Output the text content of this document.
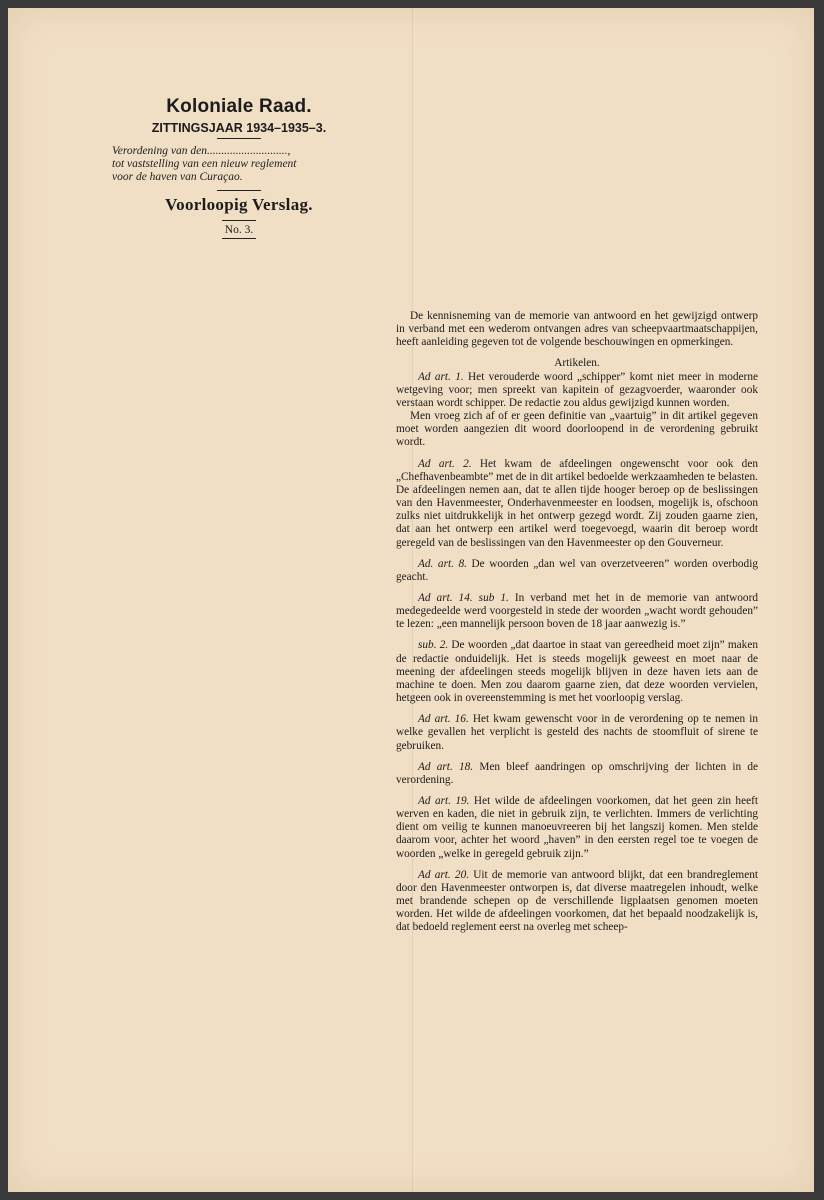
Koloniale Raad.
ZITTINGSJAAR 1934–1935–3.
Verordening van den............................,
tot vaststelling van een nieuw reglement
voor de haven van Curaçao.
Voorloopig Verslag.
No. 3.

De kennisneming van de memorie van antwoord en het gewijzigd ontwerp in verband met een wederom ontvangen adres van scheepvaartmaatschappijen, heeft aanleiding gegeven tot de volgende beschouwingen en opmerkingen.

Artikelen.

Ad art. 1. Het verouderde woord „schipper” komt niet meer in moderne wetgeving voor; men spreekt van kapitein of gezagvoerder, waaronder ook verstaan wordt schipper. De redactie zou aldus gewijzigd kunnen worden.

Men vroeg zich af of er geen definitie van „vaartuig” in dit artikel gegeven moet worden aangezien dit woord doorloopend in de verordening gebruikt wordt.

Ad art. 2. Het kwam de afdeelingen ongewenscht voor ook den „Chefhavenbeambte” met de in dit artikel bedoelde werkzaamheden te belasten.

De afdeelingen nemen aan, dat te allen tijde hooger beroep op de beslissingen van den Havenmeester, Onderhavenmeester en loodsen, mogelijk is, ofschoon zulks niet uitdrukkelijk in het ontwerp gezegd wordt. Zij zouden gaarne zien, dat aan het ontwerp een artikel werd toegevoegd, waarin dit beroep wordt geregeld van de beslissingen van den Havenmeester op den Gouverneur.

Ad. art. 8. De woorden „dan wel van overzetveeren” worden overbodig geacht.

Ad art. 14. sub 1. In verband met het in de memorie van antwoord medegedeelde werd voorgesteld in stede der woorden „wacht wordt gehouden” te lezen: „een mannelijk persoon boven de 18 jaar aanwezig is.”

sub. 2. De woorden „dat daartoe in staat van gereedheid moet zijn” maken de redactie onduidelijk. Het is steeds mogelijk geweest en moet naar de meening der afdeelingen steeds mogelijk blijven in deze haven iets aan de machine te doen. Men zou daarom gaarne zien, dat deze woorden vervielen, hetgeen ook in overeenstemming is met het voorloopig verslag.

Ad art. 16. Het kwam gewenscht voor in de verordening op te nemen in welke gevallen het verplicht is gesteld des nachts de stoomfluit of sirene te gebruiken.

Ad art. 18. Men bleef aandringen op omschrijving der lichten in de verordening.

Ad art. 19. Het wilde de afdeelingen voorkomen, dat het geen zin heeft werven en kaden, die niet in gebruik zijn, te verlichten. Immers de verlichting dient om veilig te kunnen manoeuvreeren bij het langszij komen. Men stelde daarom voor, achter het woord „haven” in den eersten regel toe te voegen de woorden „welke in geregeld gebruik zijn.”

Ad art. 20. Uit de memorie van antwoord blijkt, dat een brandreglement door den Havenmeester ontworpen is, dat diverse maatregelen inhoudt, welke met brandende schepen op de verschillende ligplaatsen genomen moeten worden. Het wilde de afdeelingen voorkomen, dat het bepaald noodzakelijk is, dat bedoeld reglement eerst na overleg met scheep-
